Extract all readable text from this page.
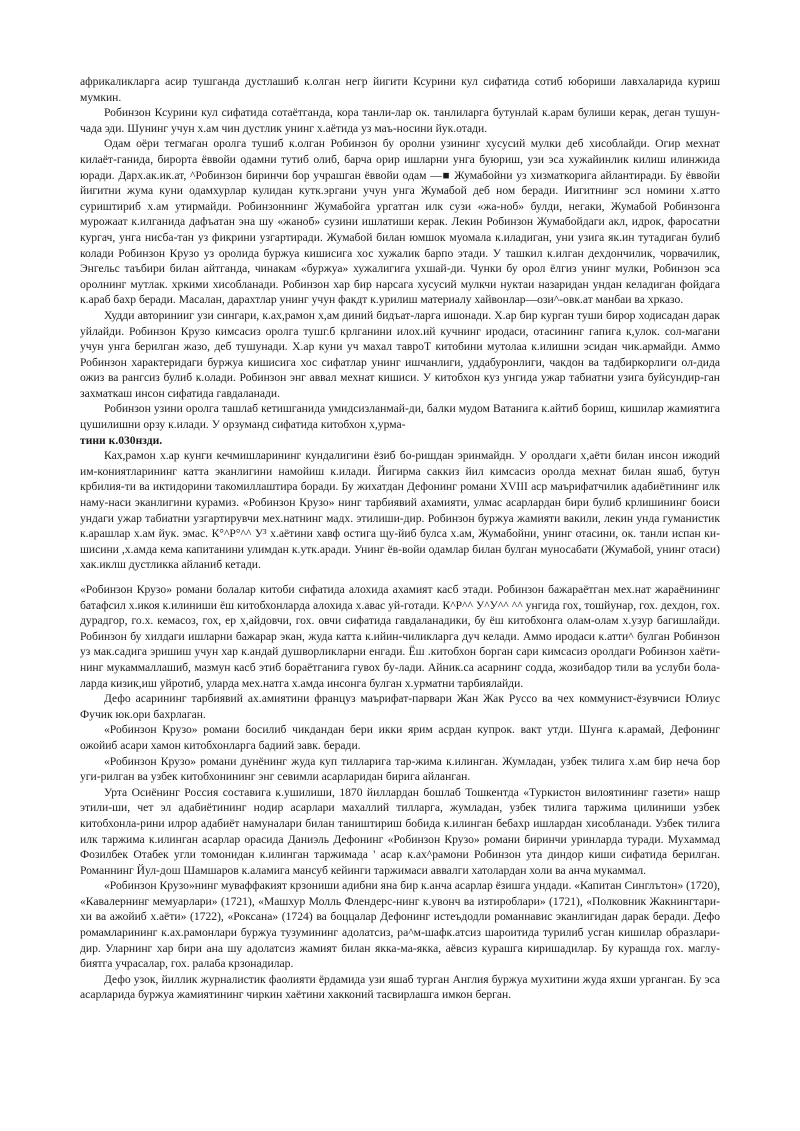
африкаликларга асир тушганда дустлашиб к.олган негр йигити Ксурини кул сифатида сотиб юбориши лавхаларида куриш мумкин.

Робинзон Ксурини кул сифатида сотаётганда, кора танли-лар ок. танлиларга бутунлай к.арам булиши керак, деган тушун-чада эди. Шунинг учун х.ам чин дустлик унинг х.аётида уз маъ-носини йук.отади.

Одам оёри тегмаган оролга тушиб к.олган Робинзон бу оролни узининг хусусий мулки деб хисоблайди. Огир мехнат килаёт-ганида, бирорта ёввойи одамни тутиб олиб, барча орир ишларни унга буюриш, узи эса хужайинлик килиш илинжида юради. Дарх.ак.ик.ат, ^Робинзон биринчи бор учрашган ёввойи одам —■ Жумабойни уз хизматкорига айлантиради. Бу ёввойи йигитни жума куни одамхурлар кулидан кутк.эргани учун унга Жумабой деб ном беради. Иигитнинг эсл номини х.атто суриштириб х.ам утирмайди. Робинзоннинг Жумабойга ургатган илк сузи «жа-ноб» булди, негаки, Жумабой Робинзонга мурожаат к.илганида дафъатан эна шу «жаноб» сузини ишлатиши керак. Лекин Робинзон Жумабойдаги акл, идрок, фаросатни кургач, унга нисба-тан уз фикрини узгартиради. Жумабой билан юмшок муомала к.иладиган, уни узига як.ин тутадиган булиб колади Робинзон Крузо уз оролида буржуа кишисига хос хужалик барпо этади. У ташкил к.илган дехдончилик, чорвачилик, Энгельс таъбири билан айтганда, чинакам «буржуа» хужалигига ухшай-ди. Чунки бу орол ёлгиз унинг мулки, Робинзон эса оролнинг мутлак. хркими хисобланади. Робинзон хар бир нарсага хусусий мулкчи нуктаи назаридан ундан келадиган фойдага к.араб бахр беради. Масалан, дарахтлар унинг учун факдт к.урилиш материалу хайвонлар—ози^-овк.ат манбаи ва хрказо.

Худди авторинииг узи сингари, к.ах,рамон х,ам диний бидъат-ларга ишонади. Х.ар бир курган туши бирор ходисадан дарак уйлайди. Робинзон Крузо кимсасиз оролга тушг.б крлганини илох.ий кучнинг иродаси, отасининг гапига к,улок. сол-магани учун унга берилган жазо, деб тушунади. Х.ар куни уч махал тавроТ китобини мутолаа к.илишни эсидан чик.армайди. Аммо Робинзон характеридаги буржуа кишисига хос сифатлар унинг ишчанлиги, уддабуронлиги, чакдон ва тадбиркорлиги ол-дида ожиз ва рангсиз булиб к.олади. Робинзон энг аввал мехнат кишиси. У китобхон куз унгида ужар табиатни узига буйсундир-ган захматкаш инсон сифатида гавдаланади.

Робинзон узини оролга ташлаб кетишганида умидсизланмай-ди, балки мудом Ватанига к.айтиб бориш, кишилар жамиятига цушилишни орзу к.илади. У орзуманд сифатида китобхон х,урма-

тини к.030нзди.

Ках,рамон х.ар кунги кечмишларининг кундалигини ёзиб бо-ришдан эринмайдн. У оролдаги х,аёти билан инсон ижодий им-кониятларининг катта эканлигини намойиш к.илади. Йигирма саккиз йил кимсасиз оролда мехнат билан яшаб, бутун крбилия-ти ва иктидорини такомиллаштира боради. Бу жихатдан Дефонинг романи XVIII аср маърифатчилик адабиётининг илк наму-наси эканлигини курамиз. «Робинзон Крузо» нинг тарбиявий ахамияти, улмас асарлардан бири булиб крлишининг боиси ундаги ужар табиатни узгартирувчи мех.натнинг мадх. этилиши-дир. Робинзон буржуа жамияти вакили, лекин унда гуманистик к.арашлар х.ам йук. эмас. К°^Р°^^ У³ х.аётини хавф остига щу-йиб булса х.ам, Жумабойни, унинг отасини, ок. танли испан ки-шисини ,х.амда кема капитанини улимдан к.утк.аради. Унинг ёв-войи одамлар билан булган муносабати (Жумабой, унинг отаси) хак.иклш дустликка айланиб кетади.

«Робинзон Крузо» романи болалар китоби сифатида алохида ахамият касб этади. Робинзон бажараётган мех.нат жараёнининг батафсил х.икоя к.илиниши ёш китобхонларда алохида х.авас уй-готади. К^Р^^ У^У^^ ^^ унгида гох, тошйунар, гох. дехдон, гох. дурадгор, го.х. кемасоз, гох, ер х,айдовчи, гох. овчи сифатида гавдаланадики, бу ёш китобхонга олам-олам х.узур багишлайди. Робинзон бу хилдаги ишларни бажарар экан, жуда катта к.ийин-чиликларга дуч келади. Аммо иродаси к.атти^ булган Робинзон уз мак.садига эришиш учун хар к.андай душворликларни енгади. Ёш .китобхон борган сари кимсасиз оролдаги Робинзон хаёти-нинг мукаммаллашиб, мазмун касб этиб бораётганига гувох бу-лади. Айник.са асарнинг содда, жозибадор тили ва услуби бола-ларда кизик,иш уйротиб, уларда мех.натга х.амда инсонга булган х.урматни тарбиялайди.

Дефо асарининг тарбиявий ах.амиятини француз маърифат-парвари Жан Жак Руссо ва чех коммунист-ёзувчиси Юлиус Фучик юк.ори бахрлаган.

«Робинзон Крузо» романи босилиб чикдандан бери икки ярим асрдан купрок. вакт утди. Шунга к.арамай, Дефонинг ожойиб асари хамон китобхонларга бадиий завк. беради.

«Робинзон Крузо» романи дунёнинг жуда куп тилларига тар-жима к.илинган. Жумладан, узбек тилига х.ам бир неча бор уги-рилган ва узбек китобхонининг энг севимли асарларидан бирига айланган.

Урта Осиёнинг Россия составига к.ушилиши, 1870 йиллардан бошлаб Тошкентда «Туркистон вилоятининг газети» нашр этили-ши, чет эл адабиётининг нодир асарлари махаллий тилларга, жумладан, узбек тилига таржима цилиниши узбек китобхонла-рини илрор адабиёт намуналари билан таништириш бобида к.илинган бебахр ишлардан хисобланади. Узбек тилига илк таржима к.илинган асарлар орасида Даниэль Дефонинг «Робинзон Крузо» романи биринчи уринларда туради. Мухаммад Фозилбек Отабек угли томонидан к.илинган таржимада ' асар к.ах^рамони Робинзон ута диндор киши сифатида берилган. Романнинг Йул-дош Шамшаров к.аламига мансуб кейинги таржимаси аввалги хатолардан холи ва анча мукаммал.

«Робинзон Крузо»нинг муваффакият крзониши адибни яна бир к.анча асарлар ёзишга ундади. «Капитан Синглътон» (1720), «Кавалернинг мемуарлари» (1721), «Машхур Молль Флендерс-нинг к.увонч ва изтироблари» (1721), «Полковник Жакнингтари-хи ва ажойиб х.аёти» (1722), «Роксана» (1724) ва боццалар Дефонинг истеъдодли романнавис эканлигидан дарак беради. Дефо ромамларининг к.ах.рамонлари буржуа тузумининг адолатсиз, ра^м-шафк.атсиз шароитида турилиб усган кишилар образлари-дир. Уларнинг хар бири ана шу адолатсиз жамият билан якка-ма-якка, аёвсиз курашга киришадилар. Бу курашда гох. маглу-биятга учрасалар, гох. ралаба крзонадилар.

Дефо узок, йиллик журналистик фаолияти ёрдамида узи яшаб турган Англия буржуа мухитини жуда яхши урганган. Бу эса асарларида буржуа жамиятининг чиркин хаётини хакконий тасвирлашга имкон берган.
